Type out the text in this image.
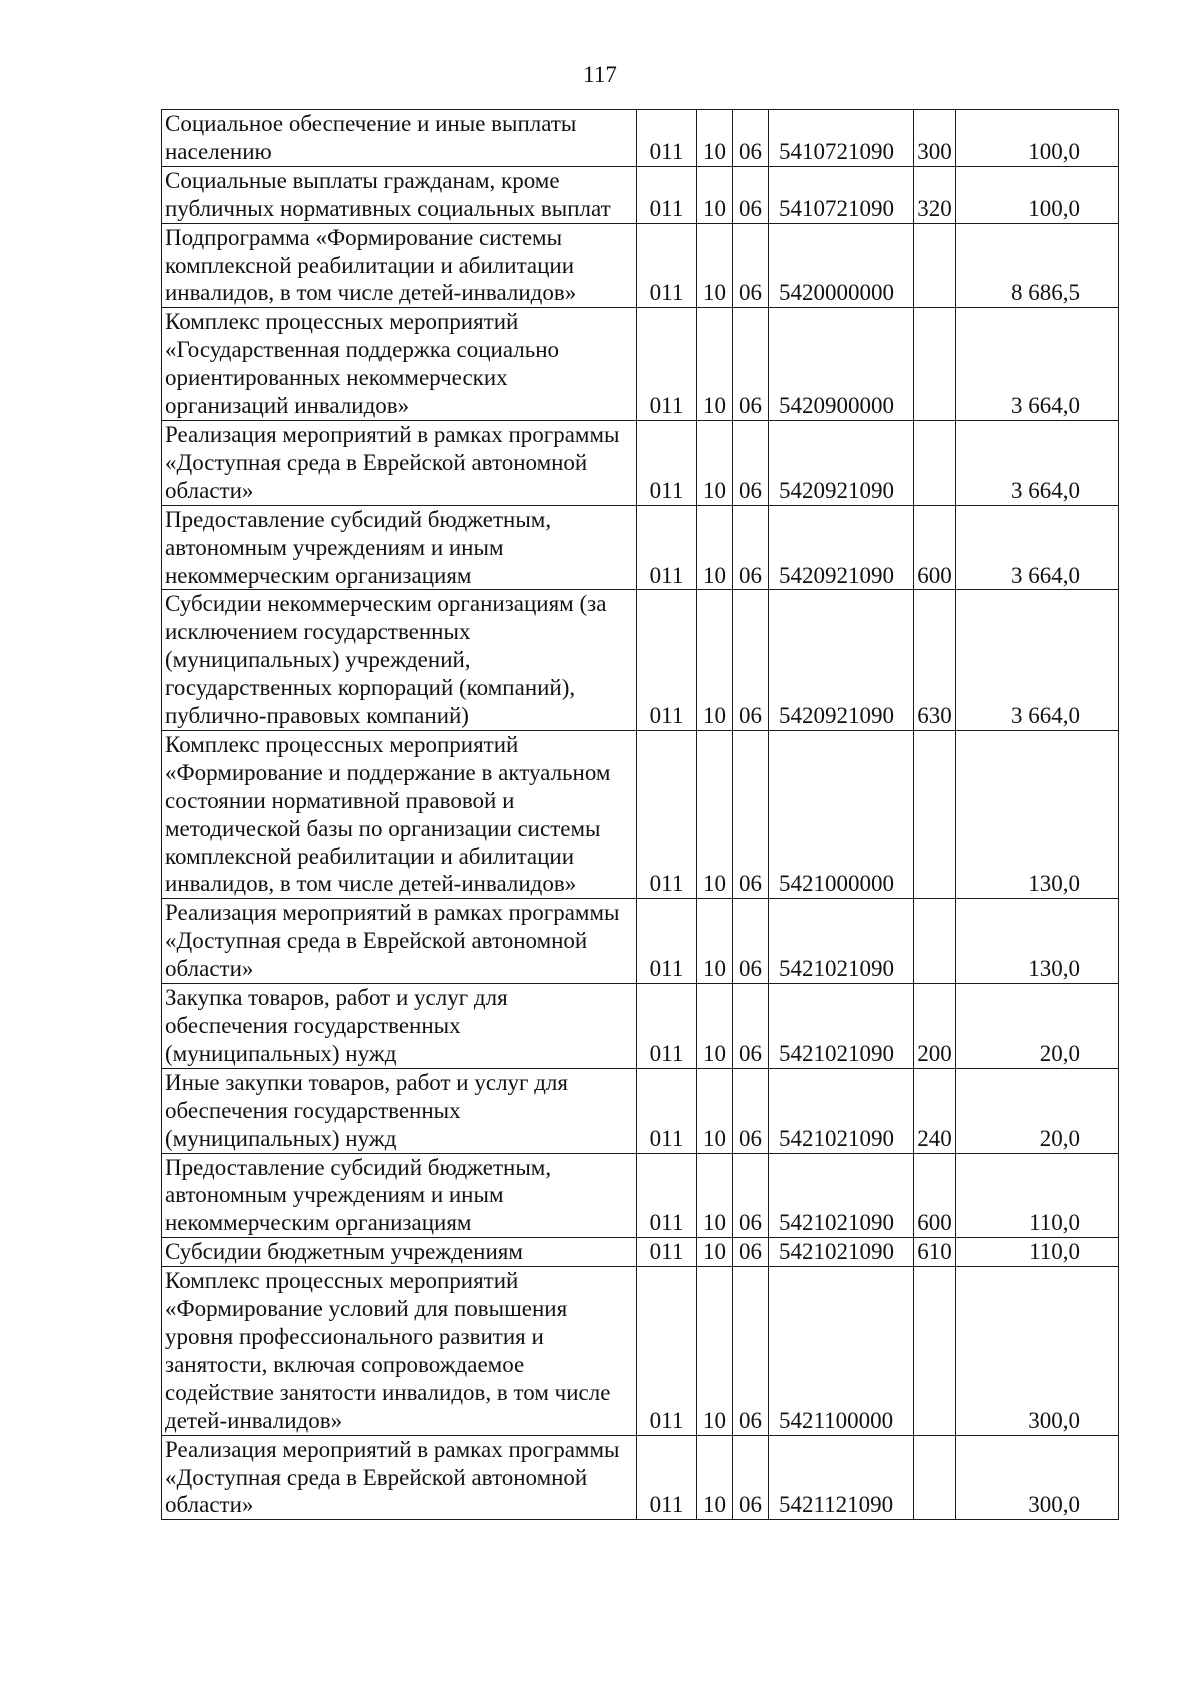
117
Социальное обеспечение и иные выплаты населению	011	10	06	5410721090	300	100,0
Социальные выплаты гражданам, кроме публичных нормативных социальных выплат	011	10	06	5410721090	320	100,0
Подпрограмма «Формирование системы комплексной реабилитации и абилитации инвалидов, в том числе детей-инвалидов»	011	10	06	5420000000		8 686,5
Комплекс процессных мероприятий «Государственная поддержка социально ориентированных некоммерческих организаций инвалидов»	011	10	06	5420900000		3 664,0
Реализация мероприятий в рамках программы «Доступная среда в Еврейской автономной области»	011	10	06	5420921090		3 664,0
Предоставление субсидий бюджетным, автономным учреждениям и иным некоммерческим организациям	011	10	06	5420921090	600	3 664,0
Субсидии некоммерческим организациям (за исключением государственных (муниципальных) учреждений, государственных корпораций (компаний), публично-правовых компаний)	011	10	06	5420921090	630	3 664,0
Комплекс процессных мероприятий «Формирование и поддержание в актуальном состоянии нормативной правовой и методической базы по организации системы комплексной реабилитации и абилитации инвалидов, в том числе детей-инвалидов»	011	10	06	5421000000		130,0
Реализация мероприятий в рамках программы «Доступная среда в Еврейской автономной области»	011	10	06	5421021090		130,0
Закупка товаров, работ и услуг для обеспечения государственных (муниципальных) нужд	011	10	06	5421021090	200	20,0
Иные закупки товаров, работ и услуг для обеспечения государственных (муниципальных) нужд	011	10	06	5421021090	240	20,0
Предоставление субсидий бюджетным, автономным учреждениям и иным некоммерческим организациям	011	10	06	5421021090	600	110,0
Субсидии бюджетным учреждениям	011	10	06	5421021090	610	110,0
Комплекс процессных мероприятий «Формирование условий для повышения уровня профессионального развития и занятости, включая сопровождаемое содействие занятости инвалидов, в том числе детей-инвалидов»	011	10	06	5421100000		300,0
Реализация мероприятий в рамках программы «Доступная среда в Еврейской автономной области»	011	10	06	5421121090		300,0
